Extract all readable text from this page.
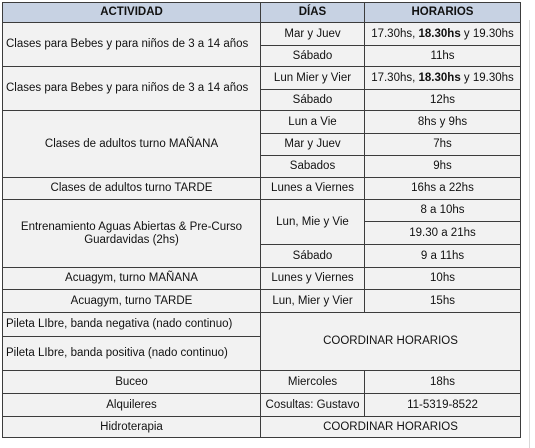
ACTIVIDAD	DÍAS	HORARIOS
Clases para Bebes y para niños de 3 a 14 años	Mar y Juev	17.30hs, 18.30hs y 19.30hs
	Sábado	11hs
Clases para Bebes y para niños de 3 a 14 años	Lun Mier y Vier	17.30hs, 18.30hs y 19.30hs
	Sábado	12hs
Clases de adultos turno MAÑANA	Lun a Vie	8hs y 9hs
	Mar y Juev	7hs
	Sabados	9hs
Clases de adultos turno TARDE	Lunes a Viernes	16hs a 22hs
Entrenamiento Aguas Abiertas & Pre-Curso Guardavidas (2hs)	Lun, Mie y Vie	8 a 10hs
		19.30 a 21hs
	Sábado	9 a 11hs
Acuagym, turno MAÑANA	Lunes y Viernes	10hs
Acuagym, turno TARDE	Lun, Mier y Vier	15hs
Pileta LIbre, banda negativa (nado continuo)	COORDINAR HORARIOS	
Pileta LIbre, banda positiva (nado continuo)		
Buceo	Miercoles	18hs
Alquileres	Cosultas: Gustavo	11-5319-8522
Hidroterapia	COORDINAR HORARIOS	
